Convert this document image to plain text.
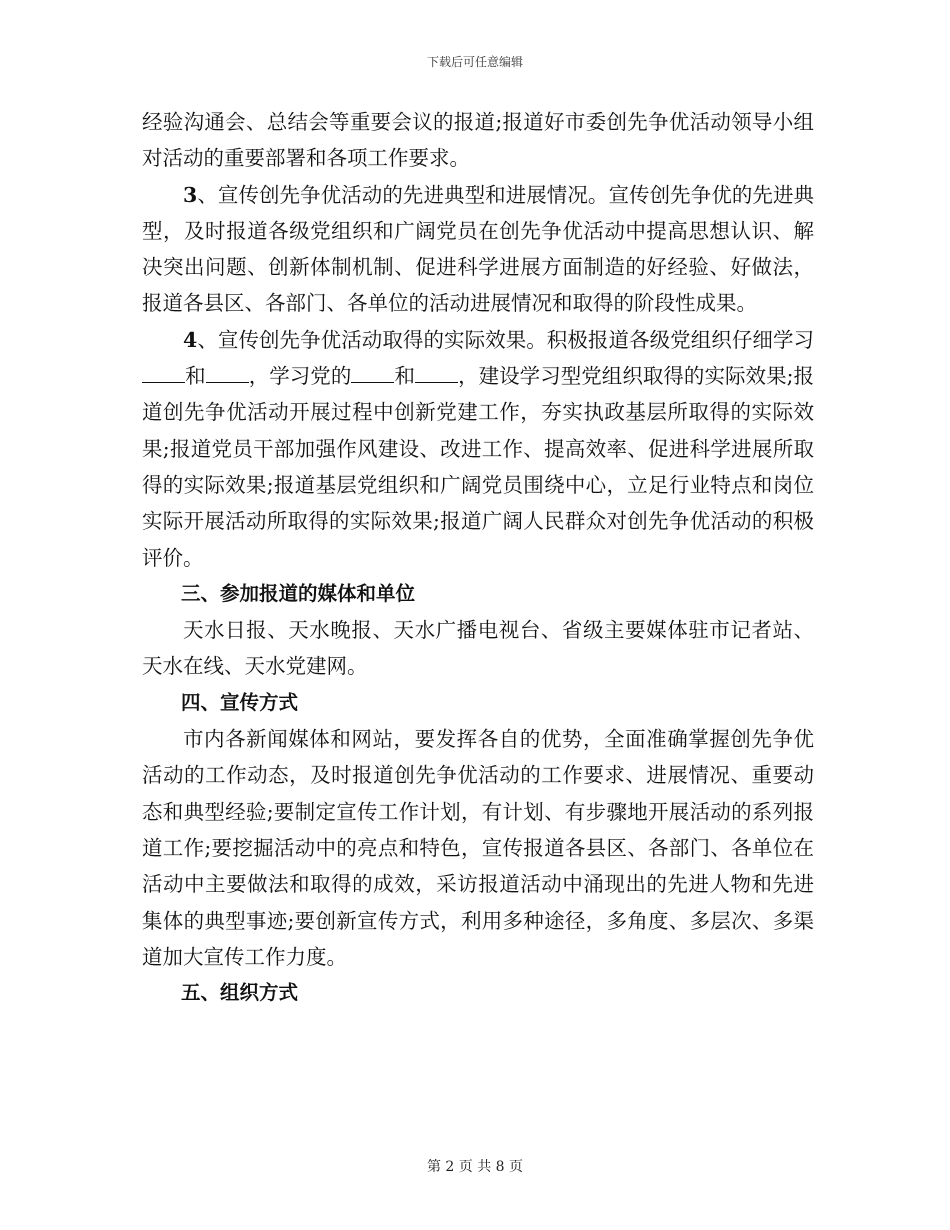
下载后可任意编辑

经验沟通会、总结会等重要会议的报道;报道好市委创先争优活动领导小组对活动的重要部署和各项工作要求。

3、宣传创先争优活动的先进典型和进展情况。宣传创先争优的先进典型，及时报道各级党组织和广阔党员在创先争优活动中提高思想认识、解决突出问题、创新体制机制、促进科学进展方面制造的好经验、好做法，报道各县区、各部门、各单位的活动进展情况和取得的阶段性成果。

4、宣传创先争优活动取得的实际效果。积极报道各级党组织仔细学习和 ，学习党的 和 ，建设学习型党组织取得的实际效果;报道创先争优活动开展过程中创新党建工作，夯实执政基层所取得的实际效果;报道党员干部加强作风建设、改进工作、提高效率、促进科学进展所取得的实际效果;报道基层党组织和广阔党员围绕中心，立足行业特点和岗位实际开展活动所取得的实际效果;报道广阔人民群众对创先争优活动的积极评价。

三、参加报道的媒体和单位

天水日报、天水晚报、天水广播电视台、省级主要媒体驻市记者站、天水在线、天水党建网。

四、宣传方式

市内各新闻媒体和网站，要发挥各自的优势，全面准确掌握创先争优活动的工作动态，及时报道创先争优活动的工作要求、进展情况、重要动态和典型经验;要制定宣传工作计划，有计划、有步骤地开展活动的系列报道工作;要挖掘活动中的亮点和特色，宣传报道各县区、各部门、各单位在活动中主要做法和取得的成效，采访报道活动中涌现出的先进人物和先进集体的典型事迹;要创新宣传方式，利用多种途径，多角度、多层次、多渠道加大宣传工作力度。

五、组织方式

第 2 页 共 8 页
